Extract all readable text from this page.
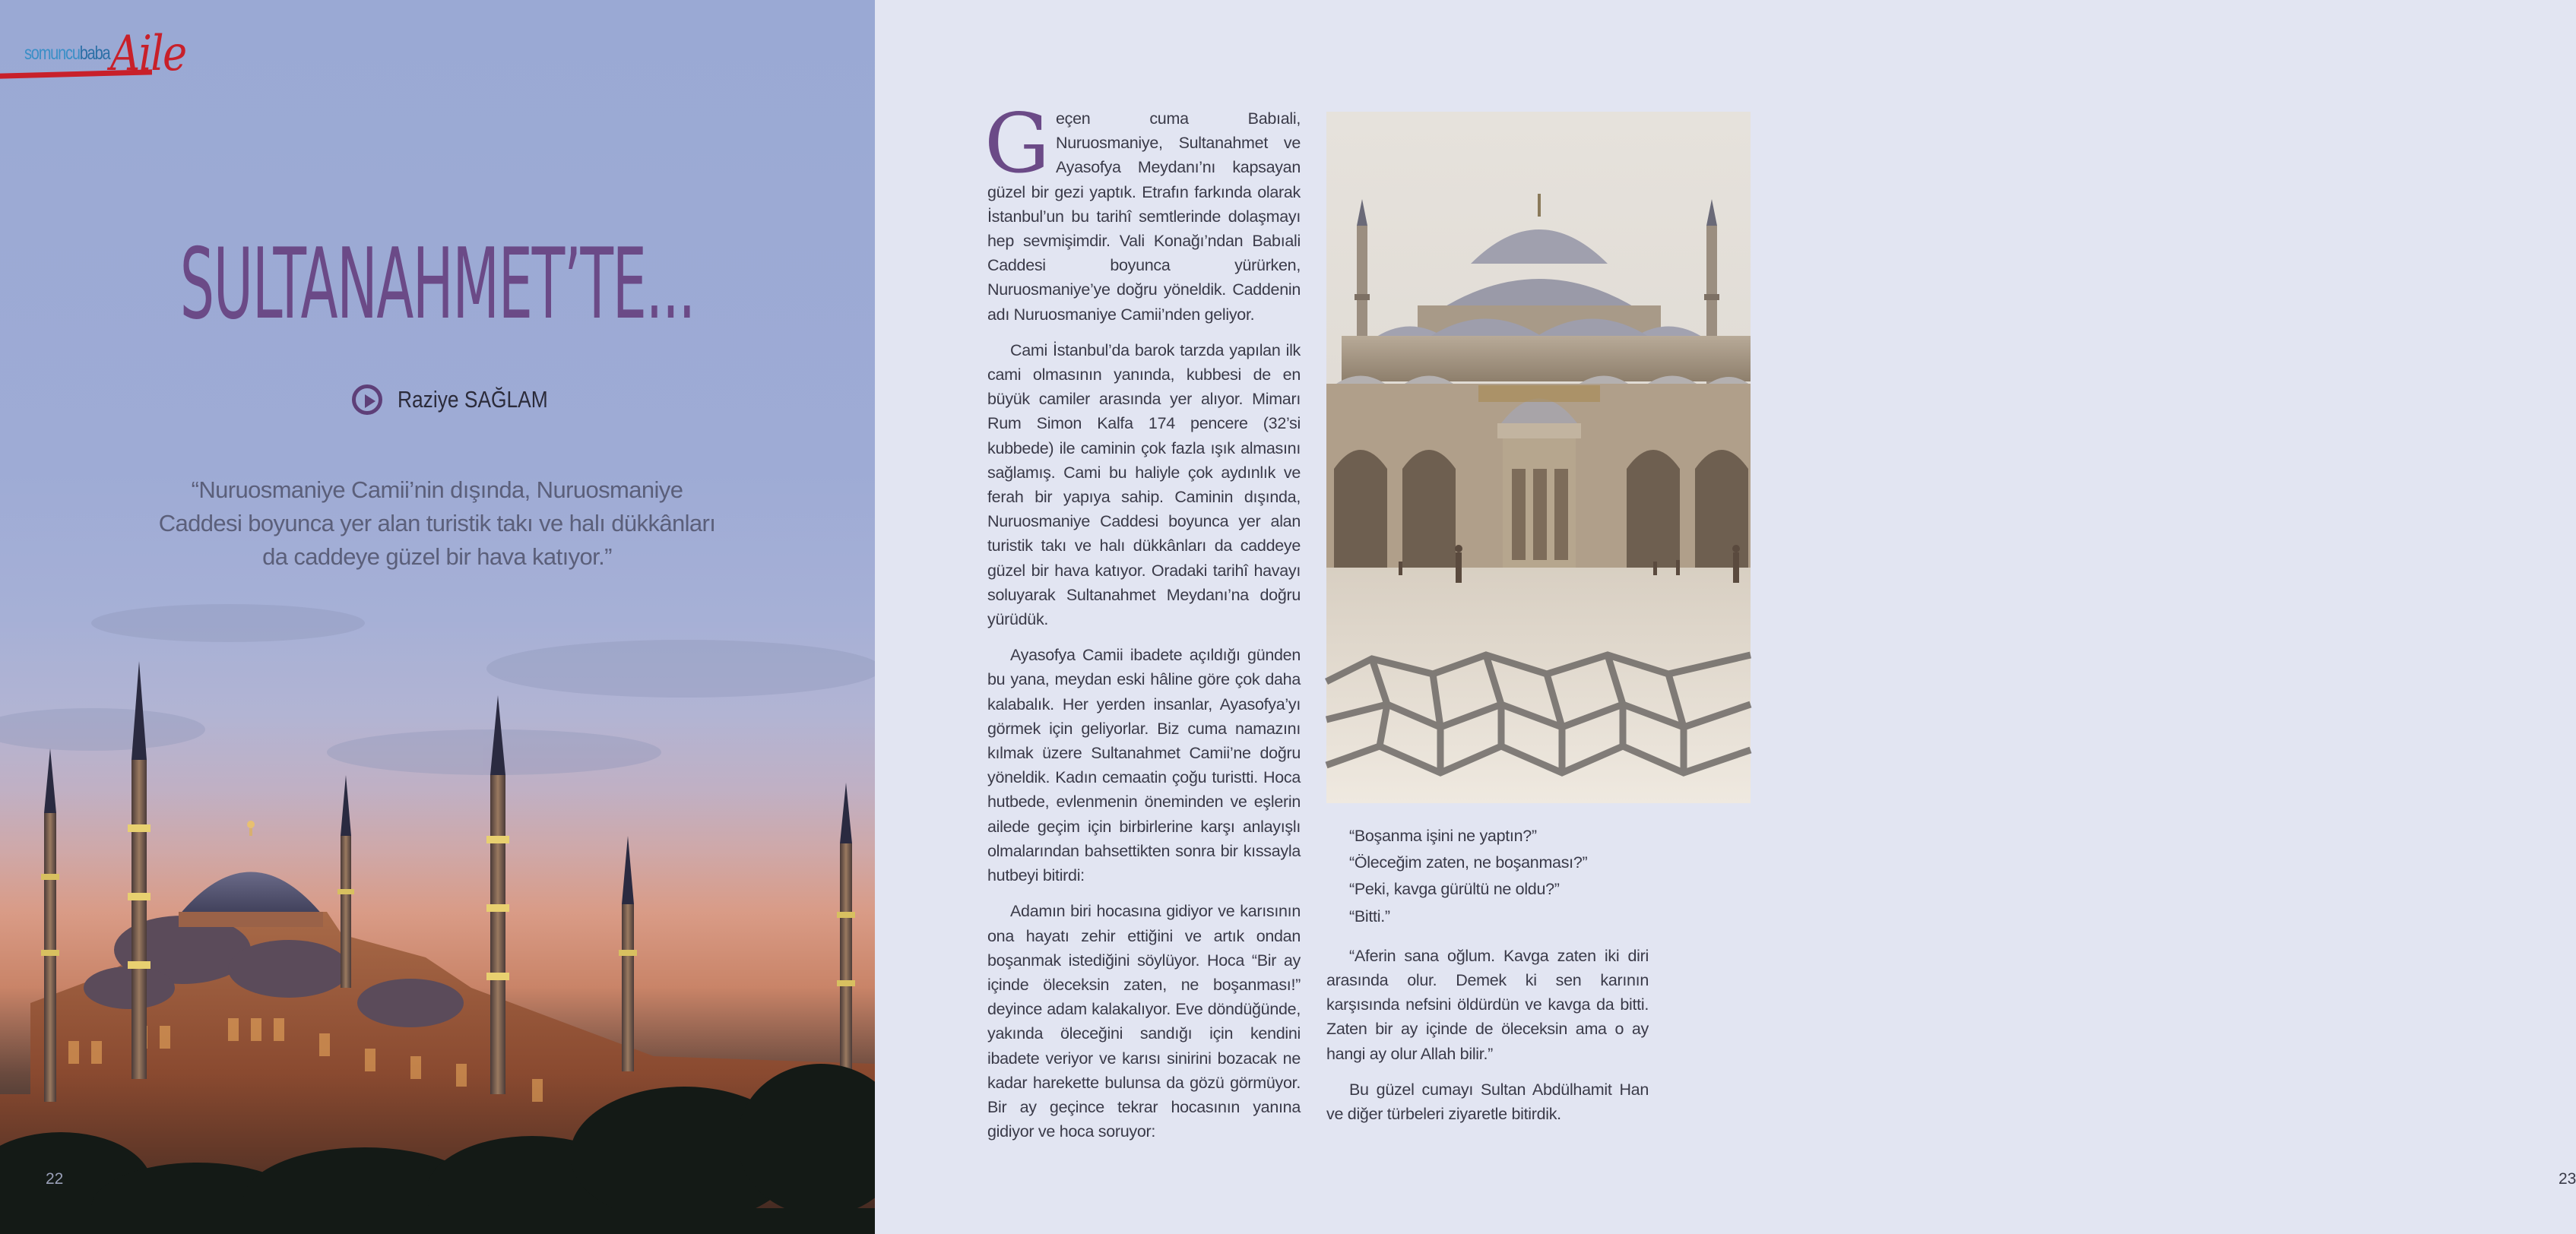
somuncubaba Aile
SULTANAHMET’TE...
Raziye SAĞLAM
“Nuruosmaniye Camii’nin dışında, Nuruosmaniye Caddesi boyunca yer alan turistik takı ve halı dükkânları da caddeye güzel bir hava katıyor.”
22

Geçen cuma Babıali, Nuruosmaniye, Sultanahmet ve Ayasofya Meydanı’nı kapsayan güzel bir gezi yaptık. Etrafın farkında olarak İstanbul’un bu tarihî semtlerinde dolaşmayı hep sevmişimdir. Vali Konağı’ndan Babıali Caddesi boyunca yürürken, Nuruosmaniye’ye doğru yöneldik. Caddenin adı Nuruosmaniye Camii’nden geliyor.

Cami İstanbul’da barok tarzda yapılan ilk cami olmasının yanında, kubbesi de en büyük camiler arasında yer alıyor. Mimarı Rum Simon Kalfa 174 pencere (32’si kubbede) ile caminin çok fazla ışık almasını sağlamış. Cami bu haliyle çok aydınlık ve ferah bir yapıya sahip. Caminin dışında, Nuruosmaniye Caddesi boyunca yer alan turistik takı ve halı dükkânları da caddeye güzel bir hava katıyor. Oradaki tarihî havayı soluyarak Sultanahmet Meydanı’na doğru yürüdük.

Ayasofya Camii ibadete açıldığı günden bu yana, meydan eski hâline göre çok daha kalabalık. Her yerden insanlar, Ayasofya’yı görmek için geliyorlar. Biz cuma namazını kılmak üzere Sultanahmet Camii’ne doğru yöneldik. Kadın cemaatin çoğu turistti. Hoca hutbede, evlenmenin öneminden ve eşlerin ailede geçim için birbirlerine karşı anlayışlı olmalarından bahsettikten sonra bir kıssayla hutbeyi bitirdi:

Adamın biri hocasına gidiyor ve karısının ona hayatı zehir ettiğini ve artık ondan boşanmak istediğini söylüyor. Hoca “Bir ay içinde öleceksin zaten, ne boşanması!” deyince adam kalakalıyor. Eve döndüğünde, yakında öleceğini sandığı için kendini ibadete veriyor ve karısı sinirini bozacak ne kadar harekette bulunsa da gözü görmüyor. Bir ay geçince tekrar hocasının yanına gidiyor ve hoca soruyor:

“Boşanma işini ne yaptın?”

“Öleceğim zaten, ne boşanması?”

“Peki, kavga gürültü ne oldu?”

“Bitti.”

“Aferin sana oğlum. Kavga zaten iki diri arasında olur. Demek ki sen karının karşısında nefsini öldürdün ve kavga da bitti. Zaten bir ay içinde de öleceksin ama o ay hangi ay olur Allah bilir.”

Bu güzel cumayı Sultan Abdülhamit Han ve diğer türbeleri ziyaretle bitirdik.

23
